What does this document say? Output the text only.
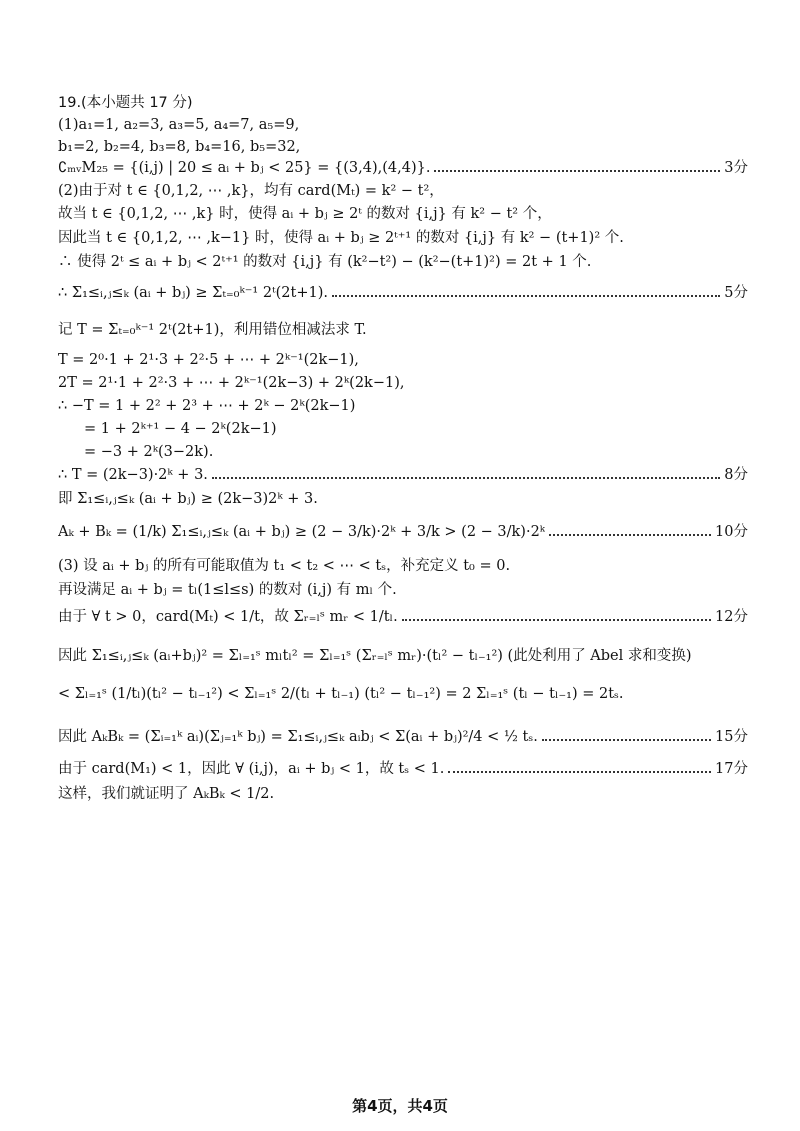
19.(本小题共 17 分)
(1)a₁=1, a₂=3, a₃=5, a₄=7, a₅=9,
b₁=2, b₂=4, b₃=8, b₄=16, b₅=32,
∁ₘᵥM₂₅ = {(i,j) | 20 ≤ aᵢ + bⱼ < 25} = {(3,4),(4,4)}.	3分
(2)由于对 t ∈ {0,1,2, ⋯ ,k}，均有 card(Mₜ) = k² − t²，
故当 t ∈ {0,1,2, ⋯ ,k} 时，使得 aᵢ + bⱼ ≥ 2ᵗ 的数对 {i,j} 有 k² − t² 个，
因此当 t ∈ {0,1,2, ⋯ ,k−1} 时，使得 aᵢ + bⱼ ≥ 2ᵗ⁺¹ 的数对 {i,j} 有 k² − (t+1)² 个.
∴ 使得 2ᵗ ≤ aᵢ + bⱼ < 2ᵗ⁺¹ 的数对 {i,j} 有 (k²−t²) − (k²−(t+1)²) = 2t + 1 个.
∴ Σ₁≤ᵢ,ⱼ≤ₖ (aᵢ + bⱼ) ≥ Σₜ₌₀ᵏ⁻¹ 2ᵗ(2t+1).	5分
记 T = Σₜ₌₀ᵏ⁻¹ 2ᵗ(2t+1)，利用错位相减法求 T.
T = 2⁰·1 + 2¹·3 + 2²·5 + ⋯ + 2ᵏ⁻¹(2k−1),
2T = 2¹·1 + 2²·3 + ⋯ + 2ᵏ⁻¹(2k−3) + 2ᵏ(2k−1),
∴ −T = 1 + 2² + 2³ + ⋯ + 2ᵏ − 2ᵏ(2k−1)
= 1 + 2ᵏ⁺¹ − 4 − 2ᵏ(2k−1)
= −3 + 2ᵏ(3−2k).
∴ T = (2k−3)·2ᵏ + 3.	8分
即 Σ₁≤ᵢ,ⱼ≤ₖ (aᵢ + bⱼ) ≥ (2k−3)2ᵏ + 3.
Aₖ + Bₖ = (1/k) Σ₁≤ᵢ,ⱼ≤ₖ (aᵢ + bⱼ) ≥ (2 − 3/k)·2ᵏ + 3/k > (2 − 3/k)·2ᵏ	10分
(3) 设 aᵢ + bⱼ 的所有可能取值为 t₁ < t₂ < ⋯ < tₛ，补充定义 t₀ = 0.
再设满足 aᵢ + bⱼ = tₗ(1≤l≤s) 的数对 (i,j) 有 mₗ 个.
由于 ∀ t > 0，card(Mₜ) < 1/t，故 Σᵣ₌ₗˢ mᵣ < 1/tₗ.	12分
因此 Σ₁≤ᵢ,ⱼ≤ₖ (aᵢ+bⱼ)² = Σₗ₌₁ˢ mₗtₗ² = Σₗ₌₁ˢ (Σᵣ₌ₗˢ mᵣ)·(tₗ² − tₗ₋₁²) (此处利用了 Abel 求和变换)
< Σₗ₌₁ˢ (1/tₗ)(tₗ² − tₗ₋₁²) < Σₗ₌₁ˢ 2/(tₗ + tₗ₋₁) (tₗ² − tₗ₋₁²) = 2 Σₗ₌₁ˢ (tₗ − tₗ₋₁) = 2tₛ.
因此 AₖBₖ = (Σᵢ₌₁ᵏ aᵢ)(Σⱼ₌₁ᵏ bⱼ) = Σ₁≤ᵢ,ⱼ≤ₖ aᵢbⱼ < Σ(aᵢ + bⱼ)²/4 < ½ tₛ.	15分
由于 card(M₁) < 1，因此 ∀ (i,j)，aᵢ + bⱼ < 1，故 tₛ < 1.	17分
这样，我们就证明了 AₖBₖ < 1/2.
第4页，共4页
